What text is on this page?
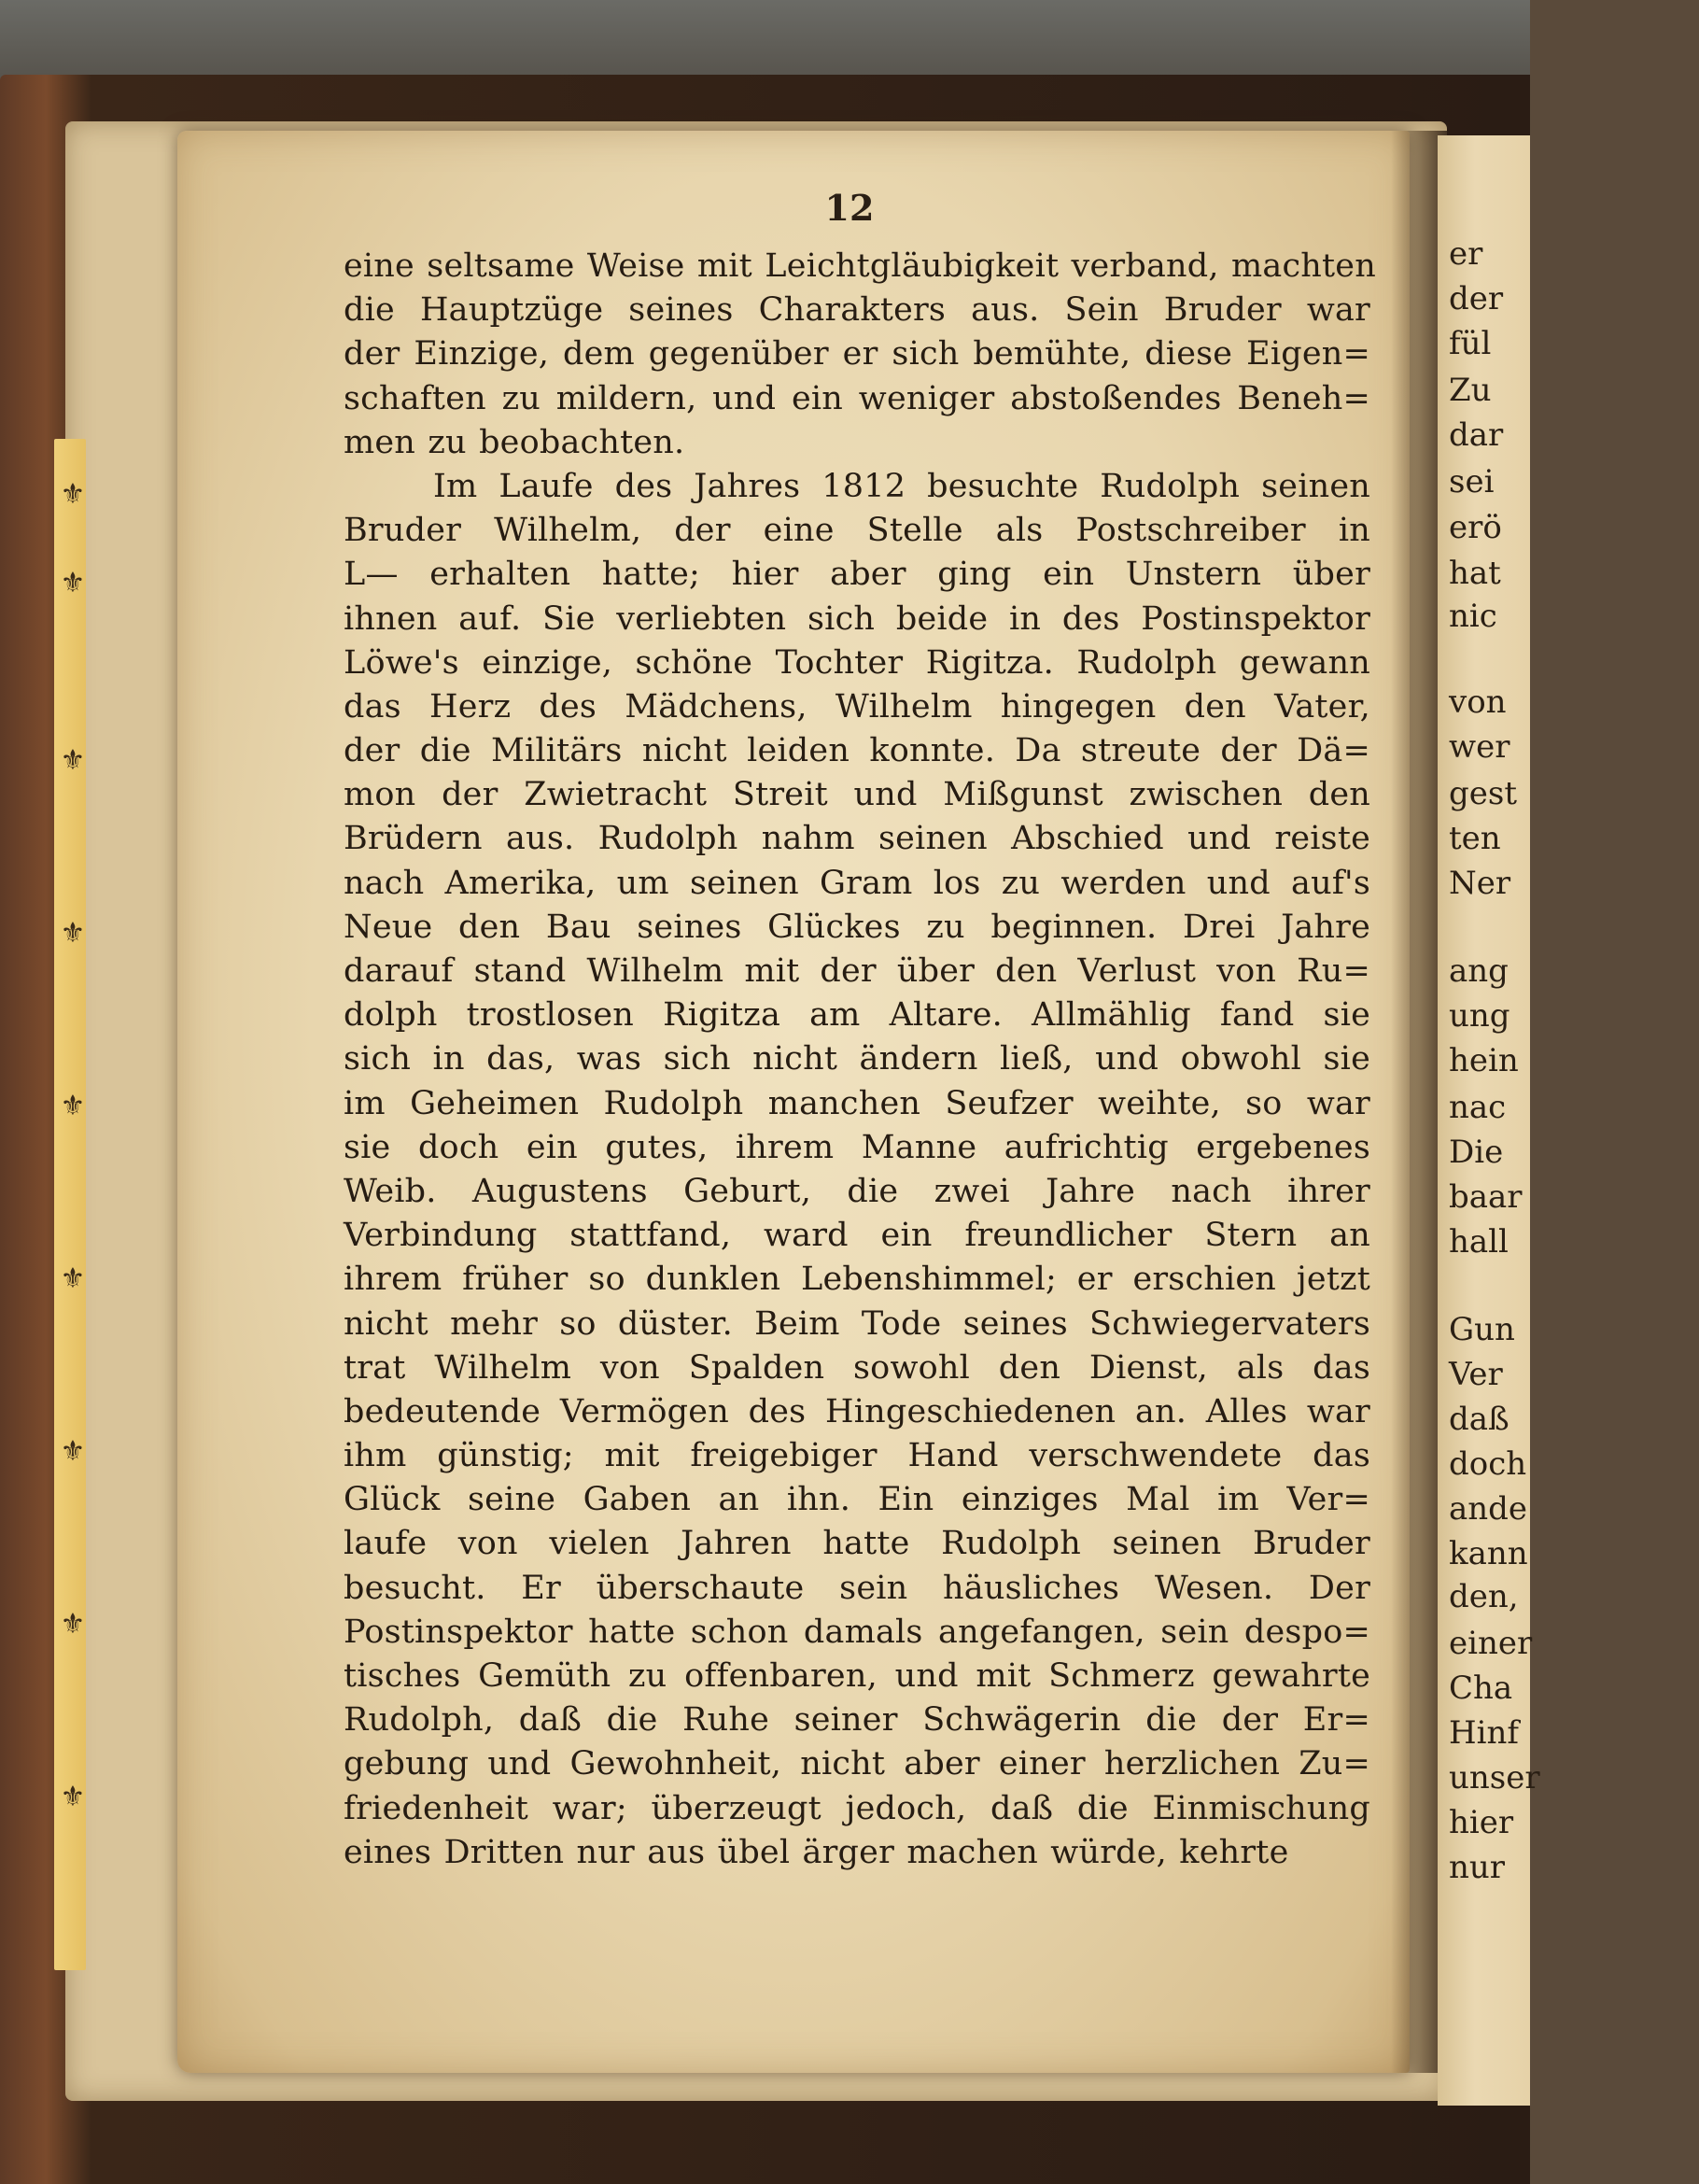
⚜
⚜
⚜
⚜
⚜
⚜
⚜
⚜
⚜
er
der
fül
Zu
dar
sei
erö
hat
nic
von
wer
gest
ten
Ner
ang
ung
hein
nac
Die
baar
hall
Gun
Ver
daß
doch
ande
kann
den,
einer
Cha
Hinf
unser
hier
nur
12
eine seltsame Weise mit Leichtgläubigkeit verband, machten
die Hauptzüge seines Charakters aus. Sein Bruder war
der Einzige, dem gegenüber er sich bemühte, diese Eigen=
schaften zu mildern, und ein weniger abstoßendes Beneh=
men zu beobachten.
Im Laufe des Jahres 1812 besuchte Rudolph seinen
Bruder Wilhelm, der eine Stelle als Postschreiber in
L— erhalten hatte; hier aber ging ein Unstern über
ihnen auf. Sie verliebten sich beide in des Postinspektor
Löwe's einzige, schöne Tochter Rigitza. Rudolph gewann
das Herz des Mädchens, Wilhelm hingegen den Vater,
der die Militärs nicht leiden konnte. Da streute der Dä=
mon der Zwietracht Streit und Mißgunst zwischen den
Brüdern aus. Rudolph nahm seinen Abschied und reiste
nach Amerika, um seinen Gram los zu werden und auf's
Neue den Bau seines Glückes zu beginnen. Drei Jahre
darauf stand Wilhelm mit der über den Verlust von Ru=
dolph trostlosen Rigitza am Altare. Allmählig fand sie
sich in das, was sich nicht ändern ließ, und obwohl sie
im Geheimen Rudolph manchen Seufzer weihte, so war
sie doch ein gutes, ihrem Manne aufrichtig ergebenes
Weib. Augustens Geburt, die zwei Jahre nach ihrer
Verbindung stattfand, ward ein freundlicher Stern an
ihrem früher so dunklen Lebenshimmel; er erschien jetzt
nicht mehr so düster. Beim Tode seines Schwiegervaters
trat Wilhelm von Spalden sowohl den Dienst, als das
bedeutende Vermögen des Hingeschiedenen an. Alles war
ihm günstig; mit freigebiger Hand verschwendete das
Glück seine Gaben an ihn. Ein einziges Mal im Ver=
laufe von vielen Jahren hatte Rudolph seinen Bruder
besucht. Er überschaute sein häusliches Wesen. Der
Postinspektor hatte schon damals angefangen, sein despo=
tisches Gemüth zu offenbaren, und mit Schmerz gewahrte
Rudolph, daß die Ruhe seiner Schwägerin die der Er=
gebung und Gewohnheit, nicht aber einer herzlichen Zu=
friedenheit war; überzeugt jedoch, daß die Einmischung
eines Dritten nur aus übel ärger machen würde, kehrte
